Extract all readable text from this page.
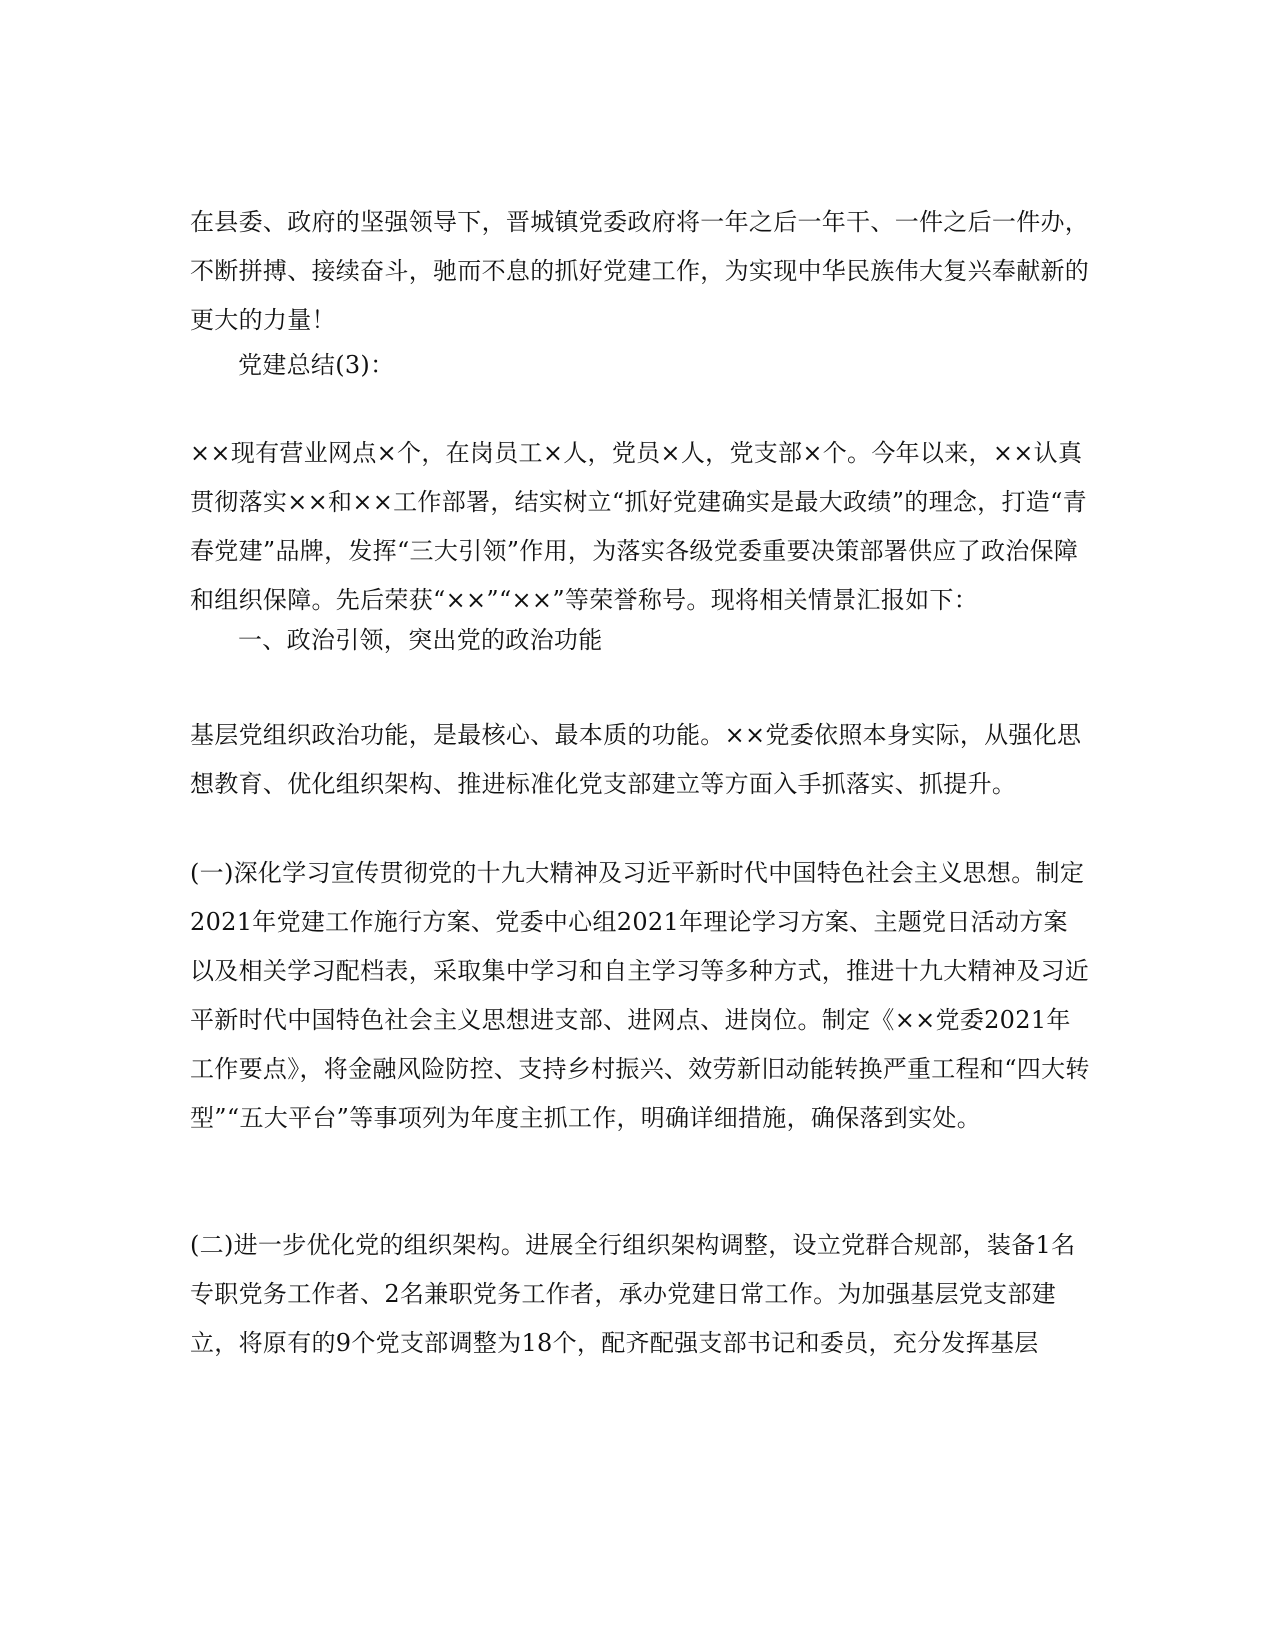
在县委、政府的坚强领导下，晋城镇党委政府将一年之后一年干、一件之后一件办，不断拼搏、接续奋斗，驰而不息的抓好党建工作，为实现中华民族伟大复兴奉献新的更大的力量！

党建总结(3)：

××现有营业网点×个，在岗员工×人，党员×人，党支部×个。今年以来，××认真贯彻落实××和××工作部署，结实树立“抓好党建确实是最大政绩”的理念，打造“青春党建”品牌，发挥“三大引领”作用，为落实各级党委重要决策部署供应了政治保障和组织保障。先后荣获“××”“××”等荣誉称号。现将相关情景汇报如下：

一、政治引领，突出党的政治功能

基层党组织政治功能，是最核心、最本质的功能。××党委依照本身实际，从强化思想教育、优化组织架构、推进标准化党支部建立等方面入手抓落实、抓提升。

(一)深化学习宣传贯彻党的十九大精神及习近平新时代中国特色社会主义思想。制定2021年党建工作施行方案、党委中心组2021年理论学习方案、主题党日活动方案以及相关学习配档表，采取集中学习和自主学习等多种方式，推进十九大精神及习近平新时代中国特色社会主义思想进支部、进网点、进岗位。制定《××党委2021年工作要点》，将金融风险防控、支持乡村振兴、效劳新旧动能转换严重工程和“四大转型”“五大平台”等事项列为年度主抓工作，明确详细措施，确保落到实处。

(二)进一步优化党的组织架构。进展全行组织架构调整，设立党群合规部，装备1名专职党务工作者、2名兼职党务工作者，承办党建日常工作。为加强基层党支部建立，将原有的9个党支部调整为18个，配齐配强支部书记和委员，充分发挥基层
